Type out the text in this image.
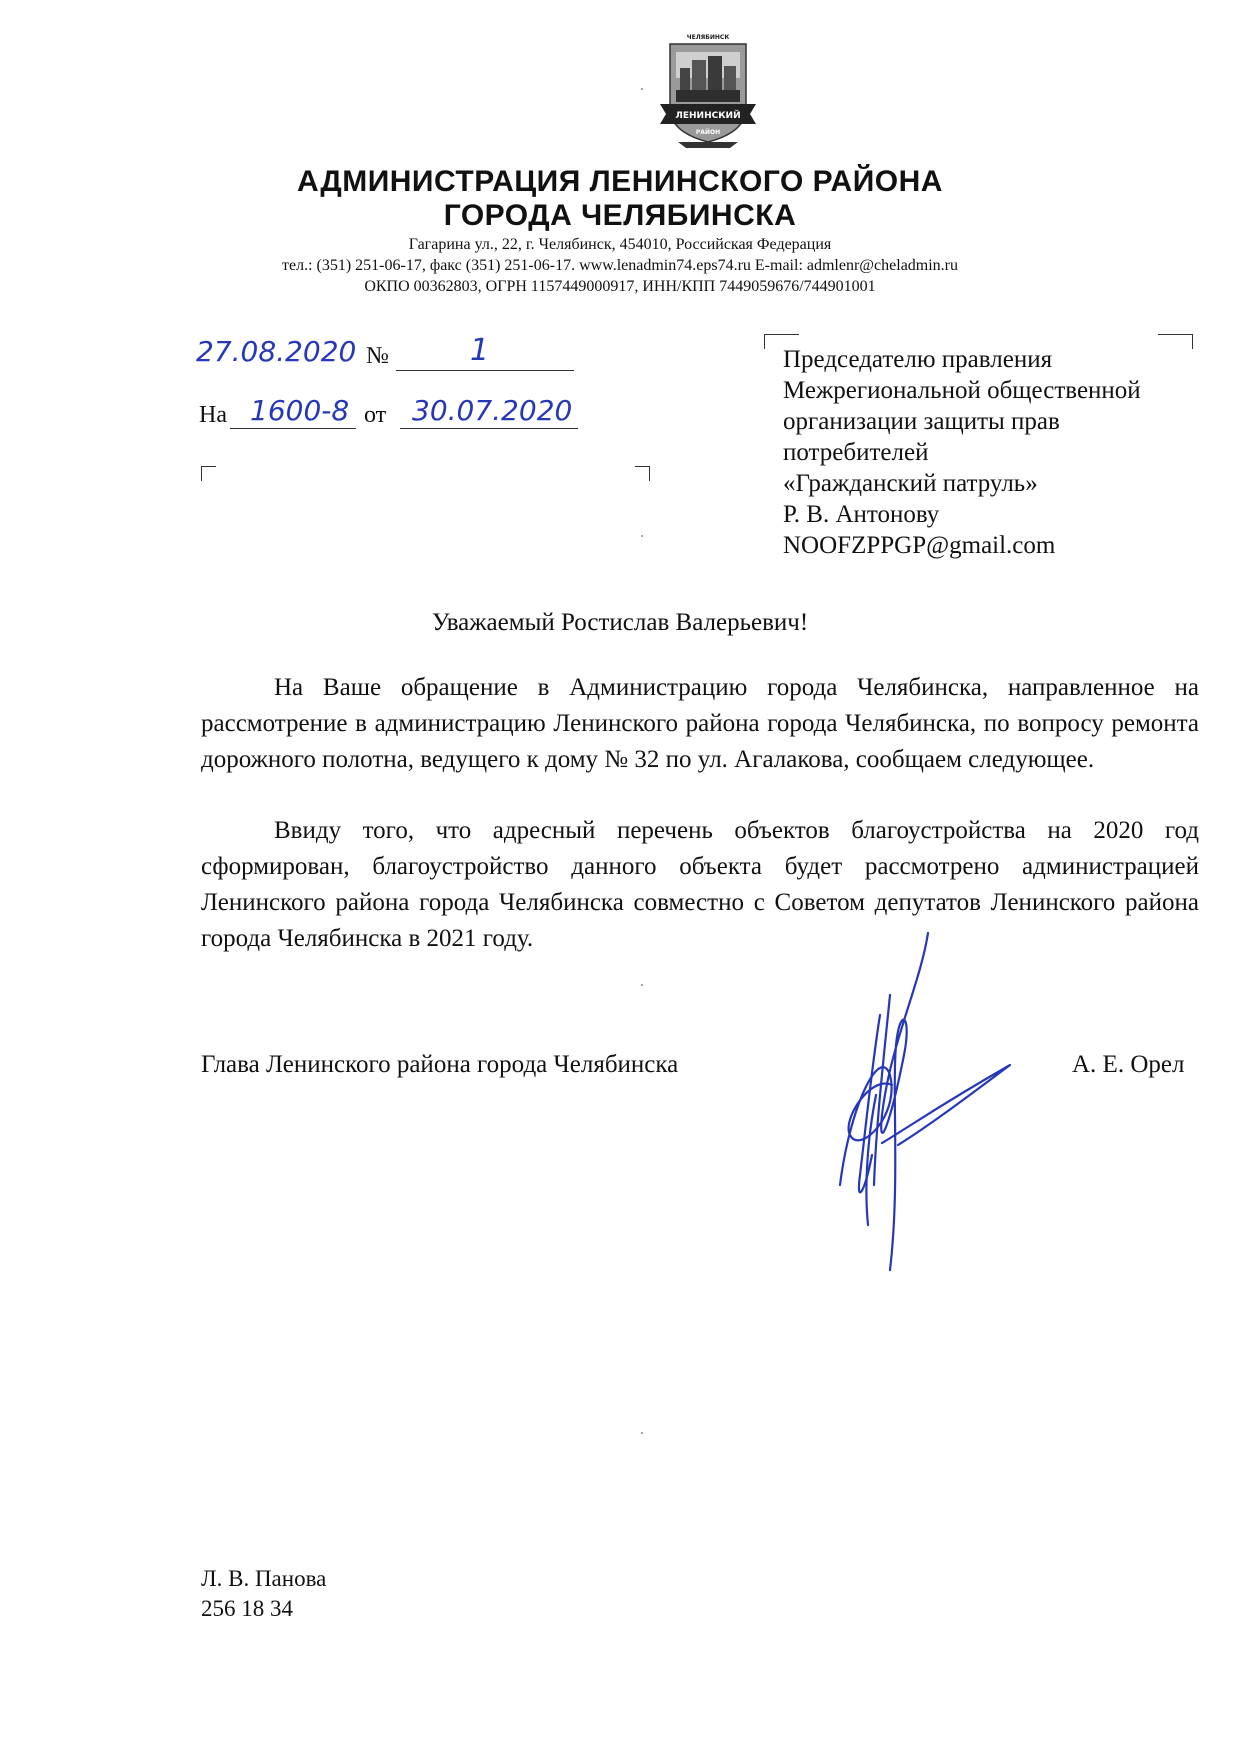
ЧЕЛЯБИНСК
ЛЕНИНСКИЙ
РАЙОН
АДМИНИСТРАЦИЯ ЛЕНИНСКОГО РАЙОНА
ГОРОДА ЧЕЛЯБИНСКА
Гагарина ул., 22, г. Челябинск, 454010, Российская Федерация
тел.: (351) 251-06-17, факс (351) 251-06-17. www.lenadmin74.eps74.ru E-mail: admlenr@cheladmin.ru
ОКПО 00362803, ОГРН 1157449000917, ИНН/КПП 7449059676/744901001
27.08.2020 №	1
На 1600-8 от 30.07.2020
Председателю правления
Межрегиональной общественной
организации защиты прав
потребителей
«Гражданский патруль»
Р. В. Антонову
NOOFZPPGP@gmail.com
Уважаемый Ростислав Валерьевич!
На Ваше обращение в Администрацию города Челябинска, направленное на рассмотрение в администрацию Ленинского района города Челябинска, по вопросу ремонта дорожного полотна, ведущего к дому № 32 по ул. Агалакова, сообщаем следующее.
Ввиду того, что адресный перечень объектов благоустройства на 2020 год сформирован, благоустройство данного объекта будет рассмотрено администрацией Ленинского района города Челябинска совместно с Советом депутатов Ленинского района города Челябинска в 2021 году.
Глава Ленинского района города Челябинска	А. Е. Орел
Л. В. Панова
256 18 34
